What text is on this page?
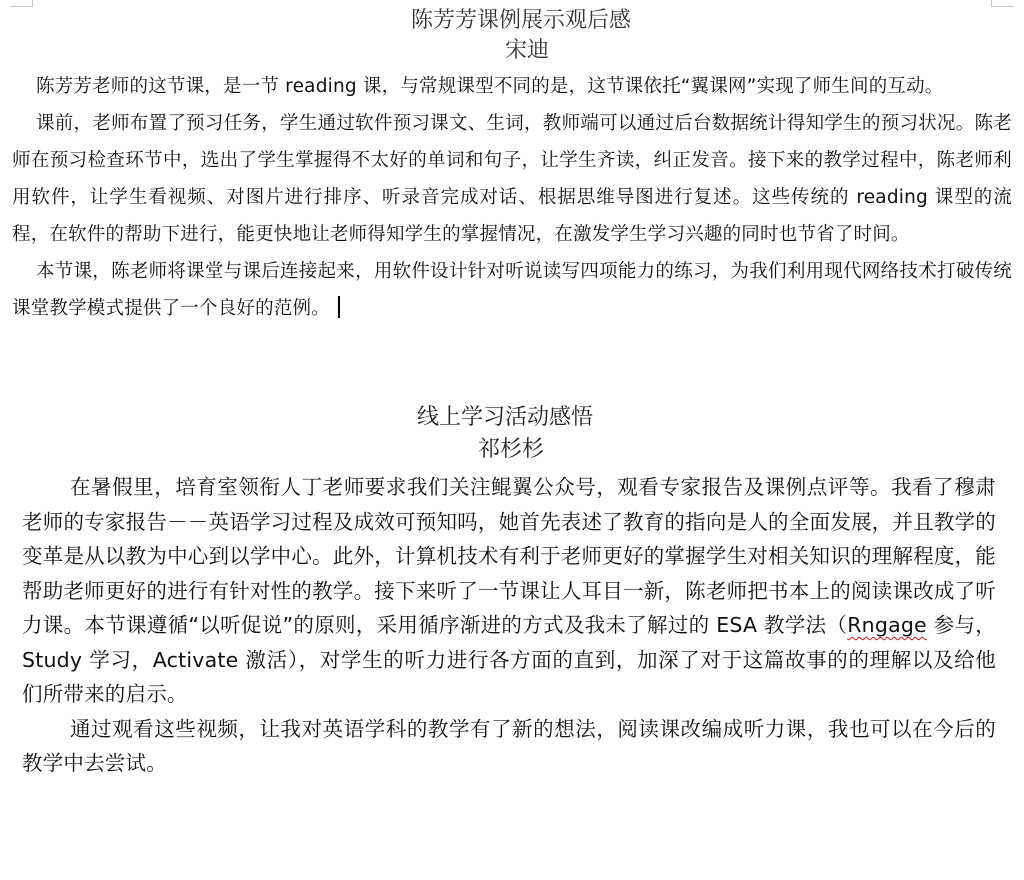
陈芳芳课例展示观后感
宋迪

陈芳芳老师的这节课，是一节 reading 课，与常规课型不同的是，这节课依托“翼课网”实现了师生间的互动。

课前，老师布置了预习任务，学生通过软件预习课文、生词，教师端可以通过后台数据统计得知学生的预习状况。陈老师在预习检查环节中，选出了学生掌握得不太好的单词和句子，让学生齐读，纠正发音。接下来的教学过程中，陈老师利用软件，让学生看视频、对图片进行排序、听录音完成对话、根据思维导图进行复述。这些传统的 reading 课型的流程，在软件的帮助下进行，能更快地让老师得知学生的掌握情况，在激发学生学习兴趣的同时也节省了时间。

本节课，陈老师将课堂与课后连接起来，用软件设计针对听说读写四项能力的练习，为我们利用现代网络技术打破传统课堂教学模式提供了一个良好的范例。

线上学习活动感悟
祁杉杉

在暑假里，培育室领衔人丁老师要求我们关注鲲翼公众号，观看专家报告及课例点评等。我看了穆肃老师的专家报告－－英语学习过程及成效可预知吗，她首先表述了教育的指向是人的全面发展，并且教学的变革是从以教为中心到以学中心。此外，计算机技术有利于老师更好的掌握学生对相关知识的理解程度，能帮助老师更好的进行有针对性的教学。接下来听了一节课让人耳目一新，陈老师把书本上的阅读课改成了听力课。本节课遵循“以听促说”的原则，采用循序渐进的方式及我未了解过的 ESA 教学法（Rngage 参与，Study 学习，Activate 激活），对学生的听力进行各方面的直到，加深了对于这篇故事的的理解以及给他们所带来的启示。

通过观看这些视频，让我对英语学科的教学有了新的想法，阅读课改编成听力课，我也可以在今后的教学中去尝试。
